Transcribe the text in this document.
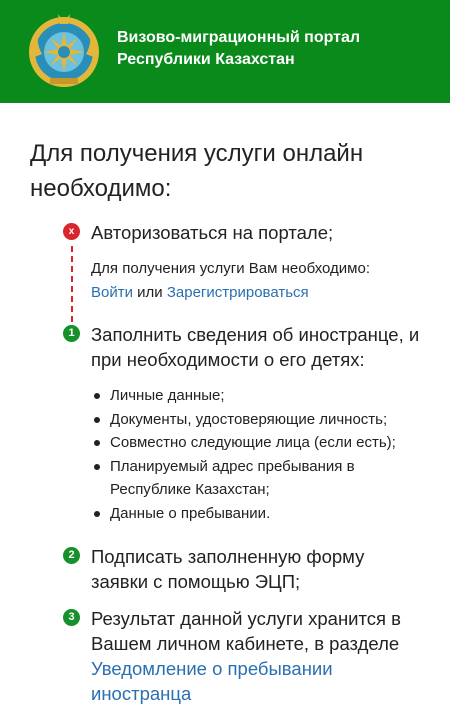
Визово-миграционный портал
Республики Казахстан
Для получения услуги онлайн
необходимо:
x Авторизоваться на портале;
Для получения услуги Вам необходимо:
Войти или Зарегистрироваться
1 Заполнить сведения об иностранце, и
при необходимости о его детях:
Личные данные;
Документы, удостоверяющие личность;
Совместно следующие лица (если есть);
Планируемый адрес пребывания в Республике Казахстан;
Данные о пребывании.
2 Подписать заполненную форму
заявки с помощью ЭЦП;
3 Результат данной услуги хранится в
Вашем личном кабинете, в разделе
Уведомление о пребывании
иностранца
